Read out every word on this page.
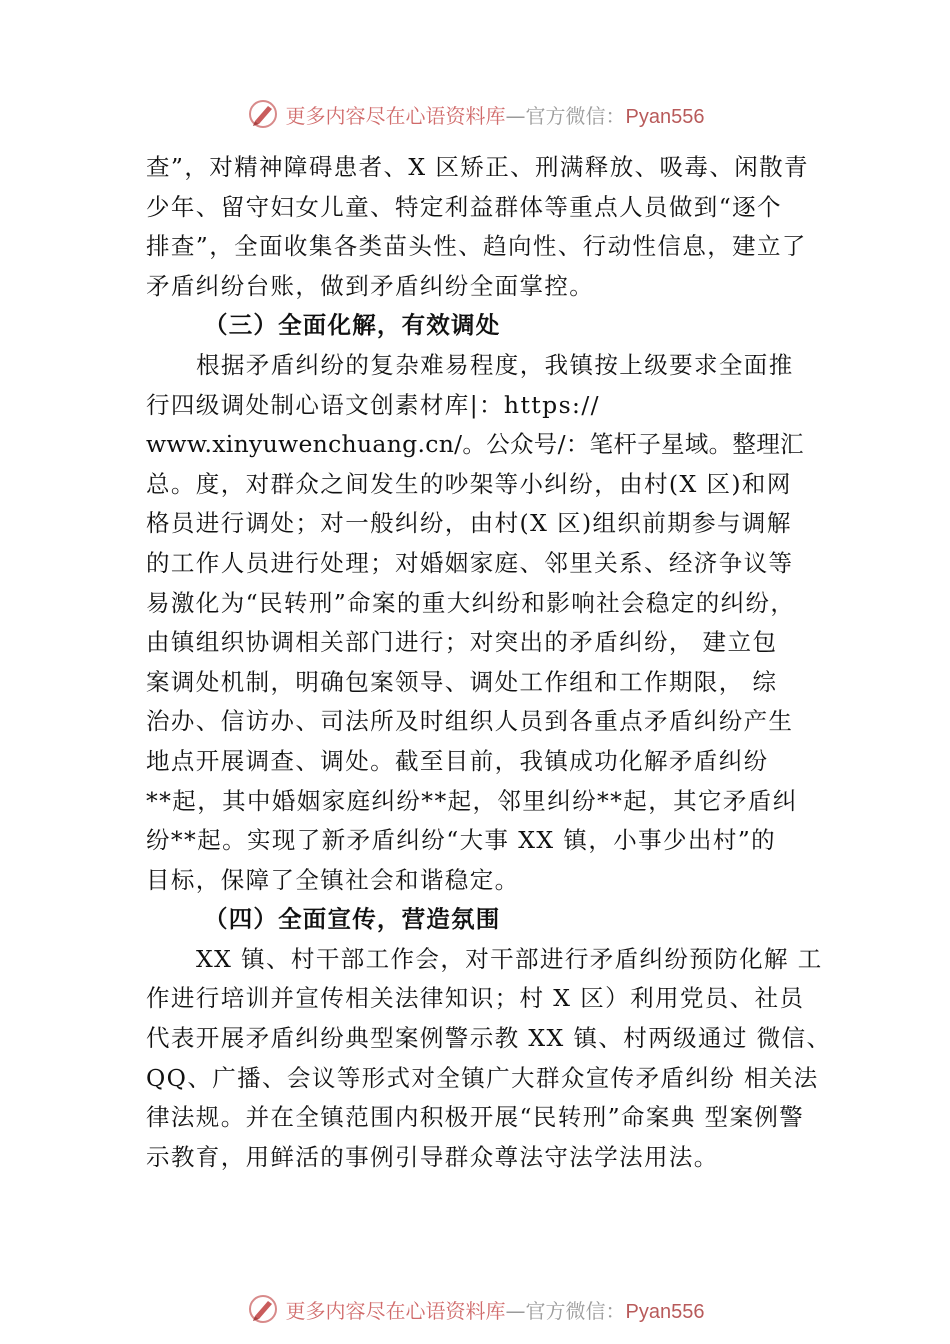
更多内容尽在心语资料库—官方微信：Pyan556
查”，对精神障碍患者、X 区矫正、刑满释放、吸毒、闲散青
少年、留守妇女儿童、特定利益群体等重点人员做到“逐个
排查”，全面收集各类苗头性、趋向性、行动性信息，建立了
矛盾纠纷台账，做到矛盾纠纷全面掌控。
（三）全面化解，有效调处
根据矛盾纠纷的复杂难易程度，我镇按上级要求全面推
行四级调处制心语文创素材库|：https://
www.xinyuwenchuang.cn/。公众号/：笔杆子星域。整理汇
总。度，对群众之间发生的吵架等小纠纷，由村(X 区)和网
格员进行调处；对一般纠纷，由村(X 区)组织前期参与调解
的工作人员进行处理；对婚姻家庭、邻里关系、经济争议等
易激化为“民转刑”命案的重大纠纷和影响社会稳定的纠纷，
由镇组织协调相关部门进行；对突出的矛盾纠纷， 建立包
案调处机制，明确包案领导、调处工作组和工作期限， 综
治办、信访办、司法所及时组织人员到各重点矛盾纠纷产生
地点开展调查、调处。截至目前，我镇成功化解矛盾纠纷
**起，其中婚姻家庭纠纷**起，邻里纠纷**起，其它矛盾纠
纷**起。实现了新矛盾纠纷“大事 XX 镇，小事少出村”的
目标，保障了全镇社会和谐稳定。
（四）全面宣传，营造氛围
XX 镇、村干部工作会，对干部进行矛盾纠纷预防化解 工
作进行培训并宣传相关法律知识；村 X 区）利用党员、社员
代表开展矛盾纠纷典型案例警示教 XX 镇、村两级通过 微信、
QQ、广播、会议等形式对全镇广大群众宣传矛盾纠纷 相关法
律法规。并在全镇范围内积极开展“民转刑”命案典 型案例警
示教育，用鲜活的事例引导群众尊法守法学法用法。
更多内容尽在心语资料库—官方微信：Pyan556
